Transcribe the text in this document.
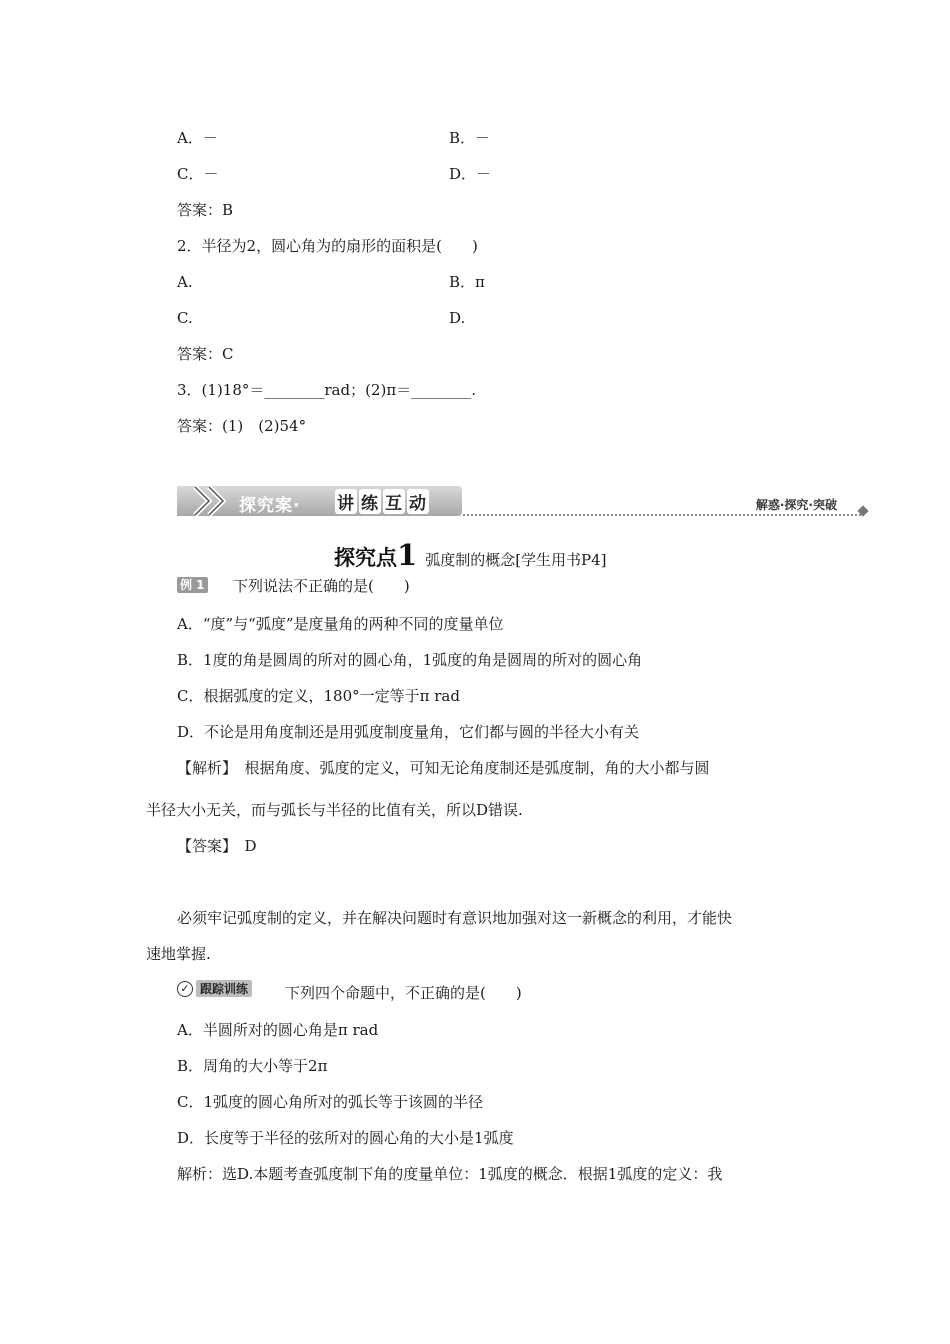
A．－	B．－
C．－	D．－
答案：B
2．半径为2，圆心角为的扇形的面积是(　　)
A.	B．π
C.	D.
答案：C
3．(1)18°＝________rad；(2)π＝________.
答案：(1)　(2)54°
探究案· 讲 练 互 动	解惑·探究·突破
探究点1 弧度制的概念[学生用书P4]
例 1 下列说法不正确的是(　　)
A．“度”与“弧度”是度量角的两种不同的度量单位
B．1度的角是圆周的所对的圆心角，1弧度的角是圆周的所对的圆心角
C．根据弧度的定义，180°一定等于π rad
D．不论是用角度制还是用弧度制度量角，它们都与圆的半径大小有关
【解析】　根据角度、弧度的定义，可知无论角度制还是弧度制，角的大小都与圆
半径大小无关，而与弧长与半径的比值有关，所以D错误.
【答案】　D
必须牢记弧度制的定义，并在解决问题时有意识地加强对这一新概念的利用，才能快
速地掌握.
✓ 跟踪训练 下列四个命题中，不正确的是(　　)
A．半圆所对的圆心角是π rad
B．周角的大小等于2π
C．1弧度的圆心角所对的弧长等于该圆的半径
D．长度等于半径的弦所对的圆心角的大小是1弧度
解析：选D.本题考查弧度制下角的度量单位：1弧度的概念．根据1弧度的定义：我
